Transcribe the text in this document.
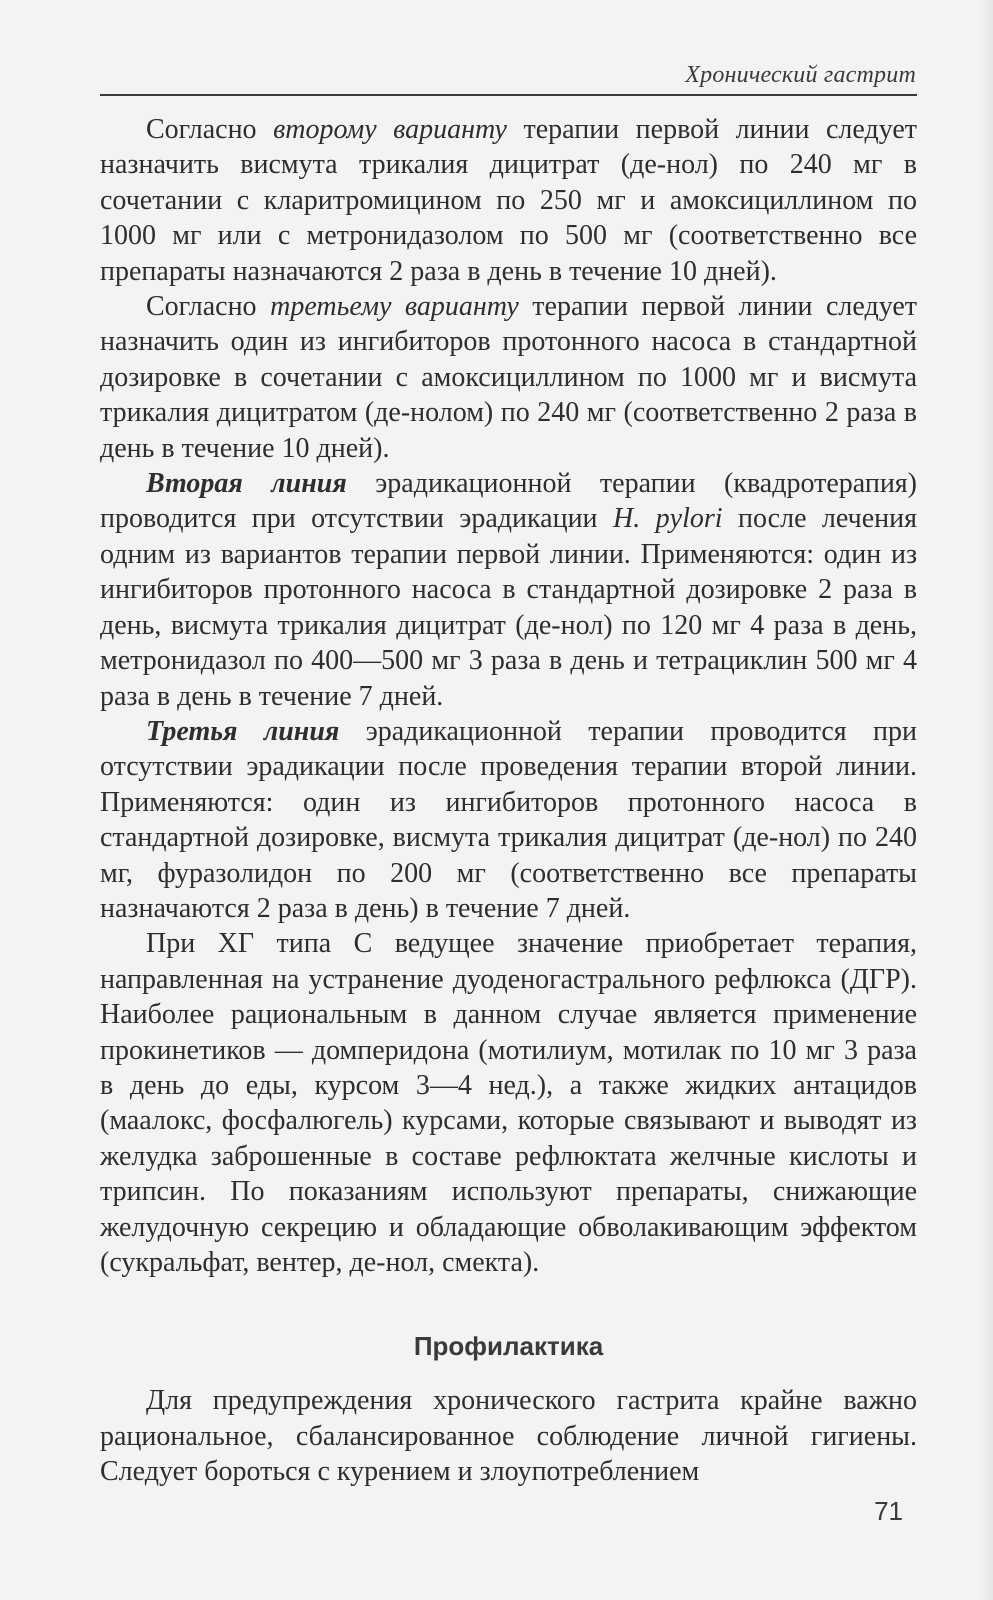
Хронический гастрит

Согласно второму варианту терапии первой линии следует назначить висмута трикалия дицитрат (де-нол) по 240 мг в сочетании с кларитромицином по 250 мг и амоксициллином по 1000 мг или с метронидазолом по 500 мг (соответственно все препараты назначаются 2 раза в день в течение 10 дней).

Согласно третьему варианту терапии первой линии следует назначить один из ингибиторов протонного насоса в стандартной дозировке в сочетании с амоксициллином по 1000 мг и висмута трикалия дицитратом (де-нолом) по 240 мг (соответственно 2 раза в день в течение 10 дней).

Вторая линия эрадикационной терапии (квадротерапия) проводится при отсутствии эрадикации H. pylori после лечения одним из вариантов терапии первой линии. Применяются: один из ингибиторов протонного насоса в стандартной дозировке 2 раза в день, висмута трикалия дицитрат (де-нол) по 120 мг 4 раза в день, метронидазол по 400—500 мг 3 раза в день и тетрациклин 500 мг 4 раза в день в течение 7 дней.

Третья линия эрадикационной терапии проводится при отсутствии эрадикации после проведения терапии второй линии. Применяются: один из ингибиторов протонного насоса в стандартной дозировке, висмута трикалия дицитрат (де-нол) по 240 мг, фуразолидон по 200 мг (соответственно все препараты назначаются 2 раза в день) в течение 7 дней.

При ХГ типа С ведущее значение приобретает терапия, направленная на устранение дуоденогастрального рефлюкса (ДГР). Наиболее рациональным в данном случае является применение прокинетиков — домперидона (мотилиум, мотилак по 10 мг 3 раза в день до еды, курсом 3—4 нед.), а также жидких антацидов (маалокс, фосфалюгель) курсами, которые связывают и выводят из желудка заброшенные в составе рефлюктата желчные кислоты и трипсин. По показаниям используют препараты, снижающие желудочную секрецию и обладающие обволакивающим эффектом (сукральфат, вентер, де-нол, смекта).

Профилактика

Для предупреждения хронического гастрита крайне важно рациональное, сбалансированное соблюдение личной гигиены. Следует бороться с курением и злоупотреблением

71
